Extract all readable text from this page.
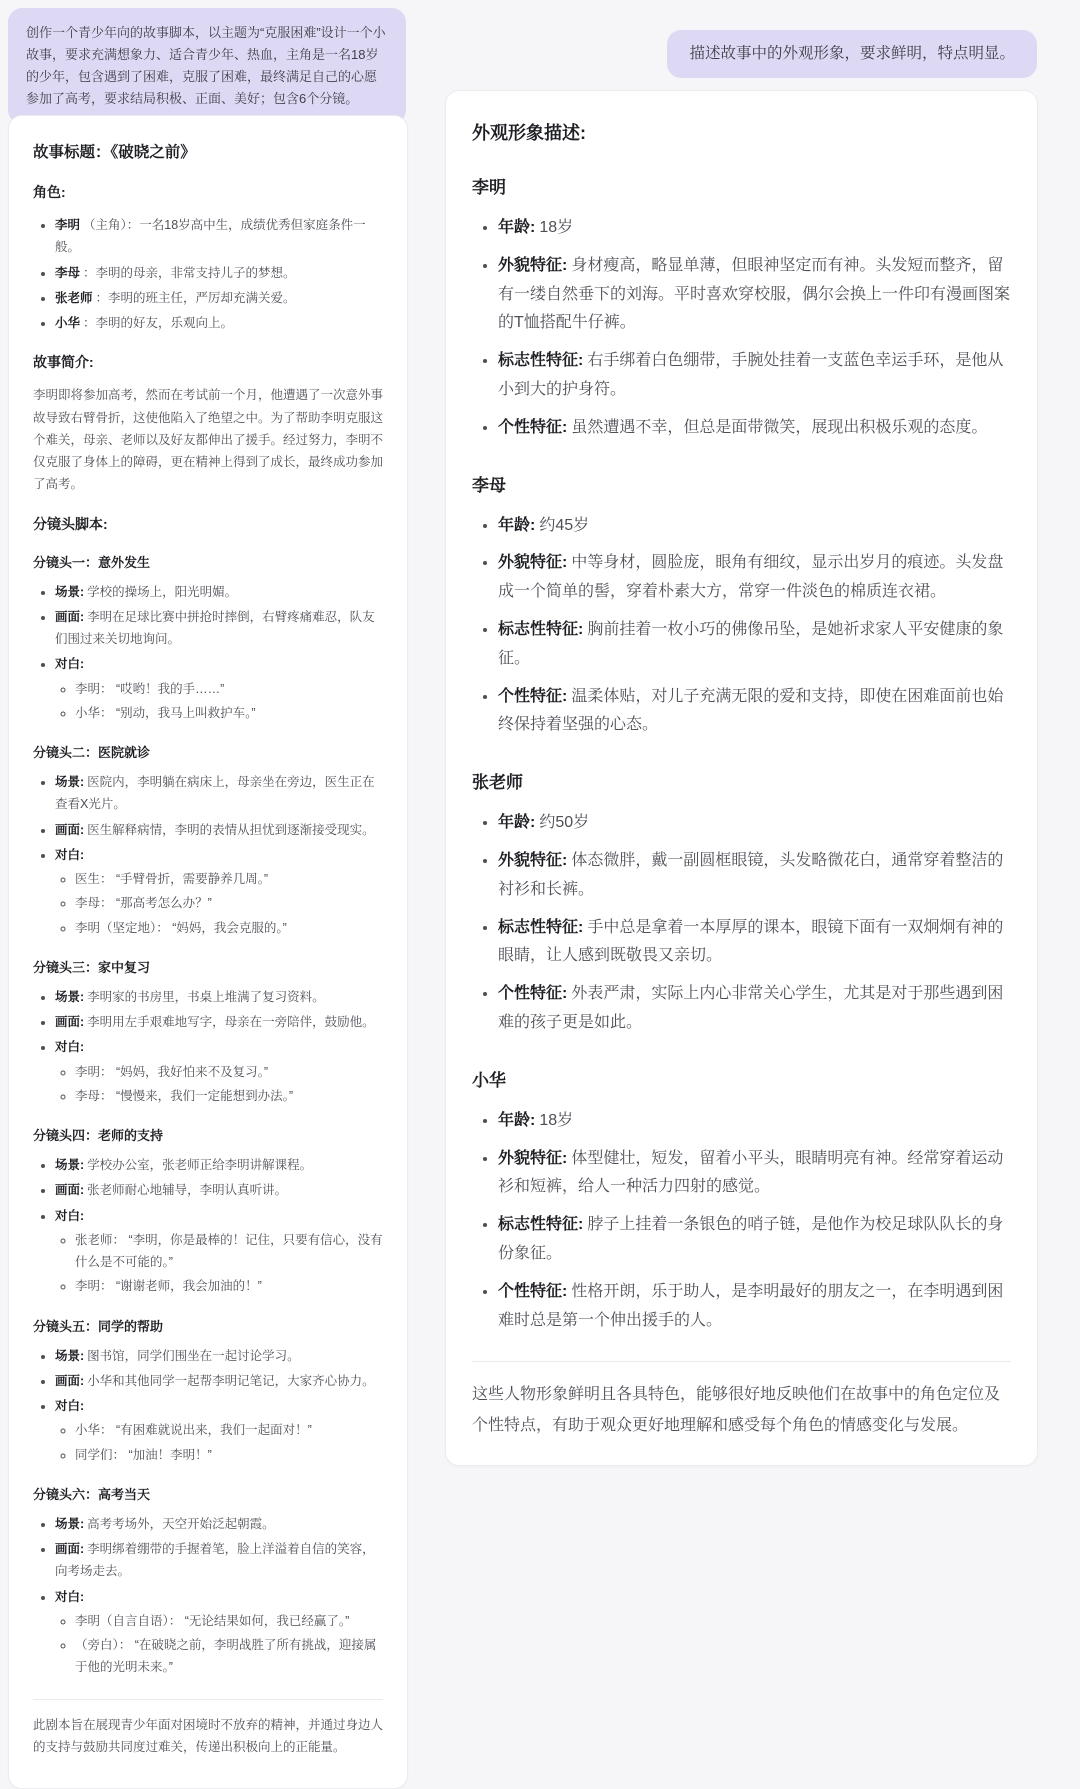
创作一个青少年向的故事脚本，以主题为“克服困难”设计一个小故事，要求充满想象力、适合青少年、热血，主角是一名18岁的少年，包含遇到了困难，克服了困难，最终满足自己的心愿参加了高考，要求结局积极、正面、美好；包含6个分镜。
描述故事中的外观形象，要求鲜明，特点明显。
故事标题：《破晓之前》
角色:
• 李明 （主角）：一名18岁高中生，成绩优秀但家庭条件一般。
• 李母 ：李明的母亲，非常支持儿子的梦想。
• 张老师 ：李明的班主任，严厉却充满关爱。
• 小华 ：李明的好友，乐观向上。
故事简介:

李明即将参加高考，然而在考试前一个月，他遭遇了一次意外事故导致右臂骨折，这使他陷入了绝望之中。为了帮助李明克服这个难关，母亲、老师以及好友都伸出了援手。经过努力，李明不仅克服了身体上的障碍，更在精神上得到了成长，最终成功参加了高考。

分镜头脚本:
分镜头一：意外发生
• 场景: 学校的操场上，阳光明媚。
• 画面: 李明在足球比赛中拼抢时摔倒，右臂疼痛难忍，队友们围过来关切地询问。
• 对白:
◦ 李明： “哎哟！我的手……”
◦ 小华： “别动，我马上叫救护车。”
分镜头二：医院就诊
• 场景: 医院内，李明躺在病床上，母亲坐在旁边，医生正在查看X光片。
• 画面: 医生解释病情，李明的表情从担忧到逐渐接受现实。
• 对白:
◦ 医生： “手臂骨折，需要静养几周。”
◦ 李母： “那高考怎么办？”
◦ 李明（坚定地）： “妈妈，我会克服的。”
分镜头三：家中复习
• 场景: 李明家的书房里，书桌上堆满了复习资料。
• 画面: 李明用左手艰难地写字，母亲在一旁陪伴，鼓励他。
• 对白:
◦ 李明： “妈妈，我好怕来不及复习。”
◦ 李母： “慢慢来，我们一定能想到办法。”
分镜头四：老师的支持
• 场景: 学校办公室，张老师正给李明讲解课程。
• 画面: 张老师耐心地辅导，李明认真听讲。
• 对白:
◦ 张老师： “李明，你是最棒的！记住，只要有信心，没有什么是不可能的。”
◦ 李明： “谢谢老师，我会加油的！”
分镜头五：同学的帮助
• 场景: 图书馆，同学们围坐在一起讨论学习。
• 画面: 小华和其他同学一起帮李明记笔记，大家齐心协力。
• 对白:
◦ 小华： “有困难就说出来，我们一起面对！”
◦ 同学们： “加油！李明！”
分镜头六：高考当天
• 场景: 高考考场外，天空开始泛起朝霞。
• 画面: 李明绑着绷带的手握着笔，脸上洋溢着自信的笑容，向考场走去。
• 对白:
◦ 李明（自言自语）： “无论结果如何，我已经赢了。”
◦ （旁白）： “在破晓之前，李明战胜了所有挑战，迎接属于他的光明未来。”

此剧本旨在展现青少年面对困境时不放弃的精神，并通过身边人的支持与鼓励共同度过难关，传递出积极向上的正能量。

外观形象描述:
李明
• 年龄: 18岁
• 外貌特征: 身材瘦高，略显单薄，但眼神坚定而有神。头发短而整齐，留有一缕自然垂下的刘海。平时喜欢穿校服，偶尔会换上一件印有漫画图案的T恤搭配牛仔裤。
• 标志性特征: 右手绑着白色绷带，手腕处挂着一支蓝色幸运手环，是他从小到大的护身符。
• 个性特征: 虽然遭遇不幸，但总是面带微笑，展现出积极乐观的态度。
李母
• 年龄: 约45岁
• 外貌特征: 中等身材，圆脸庞，眼角有细纹，显示出岁月的痕迹。头发盘成一个简单的髻，穿着朴素大方，常穿一件淡色的棉质连衣裙。
• 标志性特征: 胸前挂着一枚小巧的佛像吊坠，是她祈求家人平安健康的象征。
• 个性特征: 温柔体贴，对儿子充满无限的爱和支持，即使在困难面前也始终保持着坚强的心态。
张老师
• 年龄: 约50岁
• 外貌特征: 体态微胖，戴一副圆框眼镜，头发略微花白，通常穿着整洁的衬衫和长裤。
• 标志性特征: 手中总是拿着一本厚厚的课本，眼镜下面有一双炯炯有神的眼睛，让人感到既敬畏又亲切。
• 个性特征: 外表严肃，实际上内心非常关心学生，尤其是对于那些遇到困难的孩子更是如此。
小华
• 年龄: 18岁
• 外貌特征: 体型健壮，短发，留着小平头，眼睛明亮有神。经常穿着运动衫和短裤，给人一种活力四射的感觉。
• 标志性特征: 脖子上挂着一条银色的哨子链，是他作为校足球队队长的身份象征。
• 个性特征: 性格开朗，乐于助人，是李明最好的朋友之一，在李明遇到困难时总是第一个伸出援手的人。

这些人物形象鲜明且各具特色，能够很好地反映他们在故事中的角色定位及个性特点，有助于观众更好地理解和感受每个角色的情感变化与发展。
